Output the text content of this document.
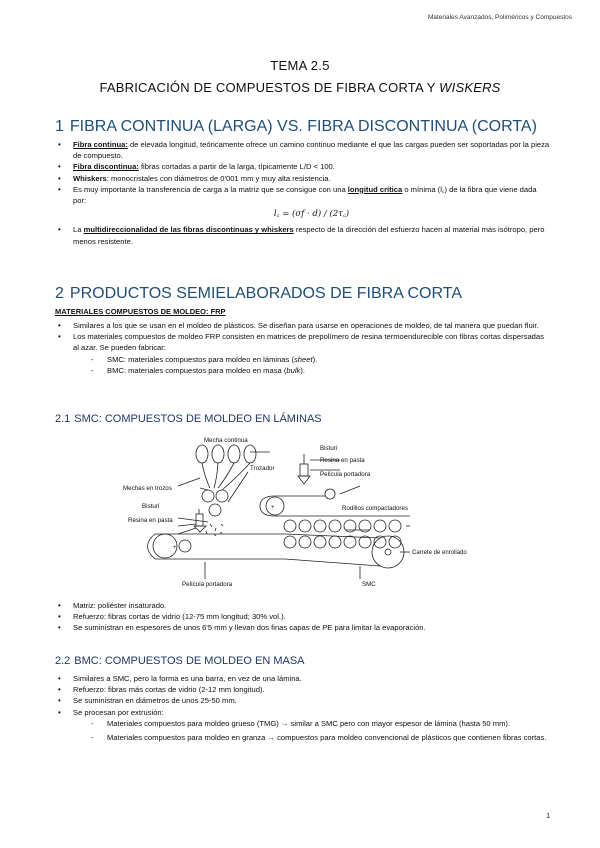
Materiales Avanzados, Poliméricos y Compuestos
TEMA 2.5
FABRICACIÓN DE COMPUESTOS DE FIBRA CORTA Y WISKERS
1 FIBRA CONTINUA (LARGA) VS. FIBRA DISCONTINUA (CORTA)
• Fibra continua: de elevada longitud, teóricamente ofrece un camino continuo mediante el que las cargas pueden ser soportadas por la pieza de compuesto.
• Fibra discontinua: fibras cortadas a partir de la larga, típicamente L/D < 100.
• Whiskers: monocristales con diámetros de 0'001 mm y muy alta resistencia.
• Es muy importante la transferencia de carga a la matriz que se consigue con una longitud crítica o mínima (l꜀) de la fibra que viene dada por:
l꜀ = (σf · d) / (2τ꜀)
• La multidireccionalidad de las fibras discontinuas y whiskers respecto de la dirección del esfuerzo hacen al material más isótropo, pero menos resistente.
2 PRODUCTOS SEMIELABORADOS DE FIBRA CORTA
MATERIALES COMPUESTOS DE MOLDEO: FRP
• Similares a los que se usan en el moldeo de plásticos. Se diseñan para usarse en operaciones de moldeo, de tal manera que puedan fluir.
• Los materiales compuestos de moldeo FRP consisten en matrices de prepolímero de resina termoendurecible con fibras cortas dispersadas al azar. Se pueden fabricar:
- SMC: materiales compuestos para moldeo en láminas (sheet).
- BMC: materiales compuestos para moldeo en masa (bulk).
2.1 SMC: COMPUESTOS DE MOLDEO EN LÁMINAS
+
+
Mecha continua
Bisturí
Resina en pasta
Trozador
Película portadora
Mechas en trozos
Bisturí
Resina en pasta
Rodillos compactadores
Carrete de enrollado
Película portadora	SMC
• Matriz: poliéster insaturado.
• Refuerzo: fibras cortas de vidrio (12-75 mm longitud; 30% vol.).
• Se suministran en espesores de unos 6'5 mm y llevan dos finas capas de PE para limitar la evaporación.
2.2 BMC: COMPUESTOS DE MOLDEO EN MASA
• Similares a SMC, pero la forma es una barra, en vez de una lámina.
• Refuerzo: fibras más cortas de vidrio (2-12 mm longitud).
• Se suministran en diámetros de unos 25-50 mm.
• Se procesan por extrusión:
- Materiales compuestos para moldeo grueso (TMG) → similar a SMC pero con mayor espesor de lámina (hasta 50 mm).
- Materiales compuestos para moldeo en granza → compuestos para moldeo convencional de plásticos que contienen fibras cortas.
1
